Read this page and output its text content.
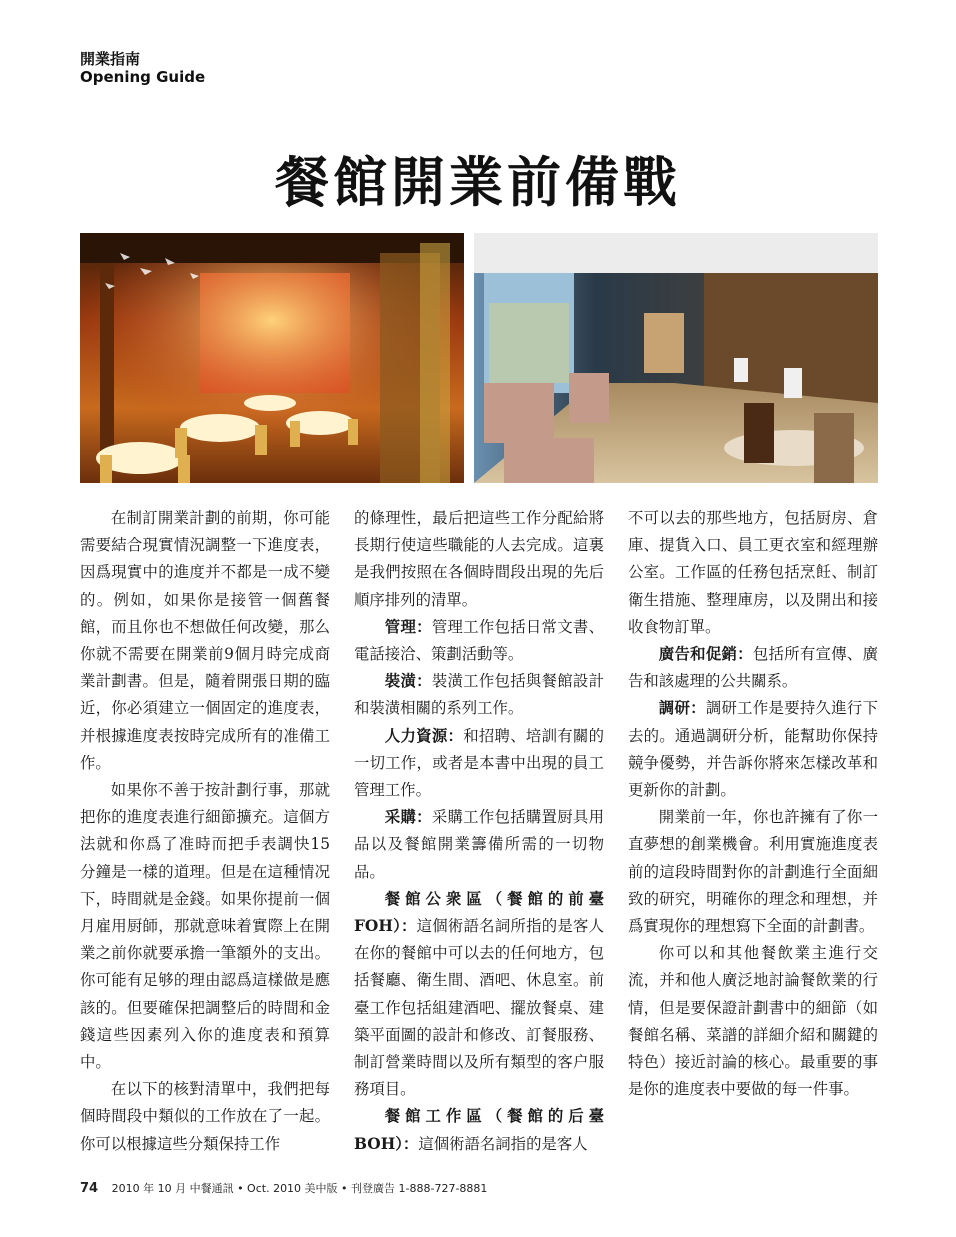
開業指南
Opening Guide
餐館開業前備戰

在制訂開業計劃的前期，你可能需要結合現實情況調整一下進度表，因爲現實中的進度并不都是一成不變的。例如，如果你是接管一個舊餐館，而且你也不想做任何改變，那么你就不需要在開業前9個月時完成商業計劃書。但是，隨着開張日期的臨近，你必須建立一個固定的進度表，并根據進度表按時完成所有的准備工作。

如果你不善于按計劃行事，那就把你的進度表進行細節擴充。這個方法就和你爲了准時而把手表調快15分鐘是一樣的道理。但是在這種情况下，時間就是金錢。如果你提前一個月雇用厨師，那就意味着實際上在開業之前你就要承擔一筆額外的支出。你可能有足够的理由認爲這樣做是應該的。但要確保把調整后的時間和金錢這些因素列入你的進度表和預算中。

在以下的核對清單中，我們把每個時間段中類似的工作放在了一起。你可以根據這些分類保持工作

的條理性，最后把這些工作分配給將長期行使這些職能的人去完成。這裏是我們按照在各個時間段出現的先后順序排列的清單。

管理：管理工作包括日常文書、電話接洽、策劃活動等。

裝潢：裝潢工作包括與餐館設計和裝潢相關的系列工作。

人力資源：和招聘、培訓有關的一切工作，或者是本書中出現的員工管理工作。

采購：采購工作包括購置厨具用品以及餐館開業籌備所需的一切物品。

餐館公衆區（餐館的前臺FOH）：這個術語名詞所指的是客人在你的餐館中可以去的任何地方，包括餐廳、衛生間、酒吧、休息室。前臺工作包括組建酒吧、擺放餐桌、建築平面圖的設計和修改、訂餐服務、制訂營業時間以及所有類型的客户服務項目。

餐館工作區（餐館的后臺BOH）：這個術語名詞指的是客人

不可以去的那些地方，包括厨房、倉庫、提貨入口、員工更衣室和經理辦公室。工作區的任務包括烹飪、制訂衛生措施、整理庫房，以及開出和接收食物訂單。

廣告和促銷：包括所有宣傳、廣告和該處理的公共關系。

調研：調研工作是要持久進行下去的。通過調研分析，能幫助你保持競争優勢，并告訴你將來怎樣改革和更新你的計劃。

開業前一年，你也許擁有了你一直夢想的創業機會。利用實施進度表前的這段時間對你的計劃進行全面細致的研究，明確你的理念和理想，并爲實現你的理想寫下全面的計劃書。

你可以和其他餐飲業主進行交流，并和他人廣泛地討論餐飲業的行情，但是要保證計劃書中的細節（如餐館名稱、菜譜的詳細介紹和關鍵的特色）接近討論的核心。最重要的事是你的進度表中要做的每一件事。

74 2010 年 10 月 中餐通訊 • Oct. 2010 美中版 • 刊登廣告 1-888-727-8881
